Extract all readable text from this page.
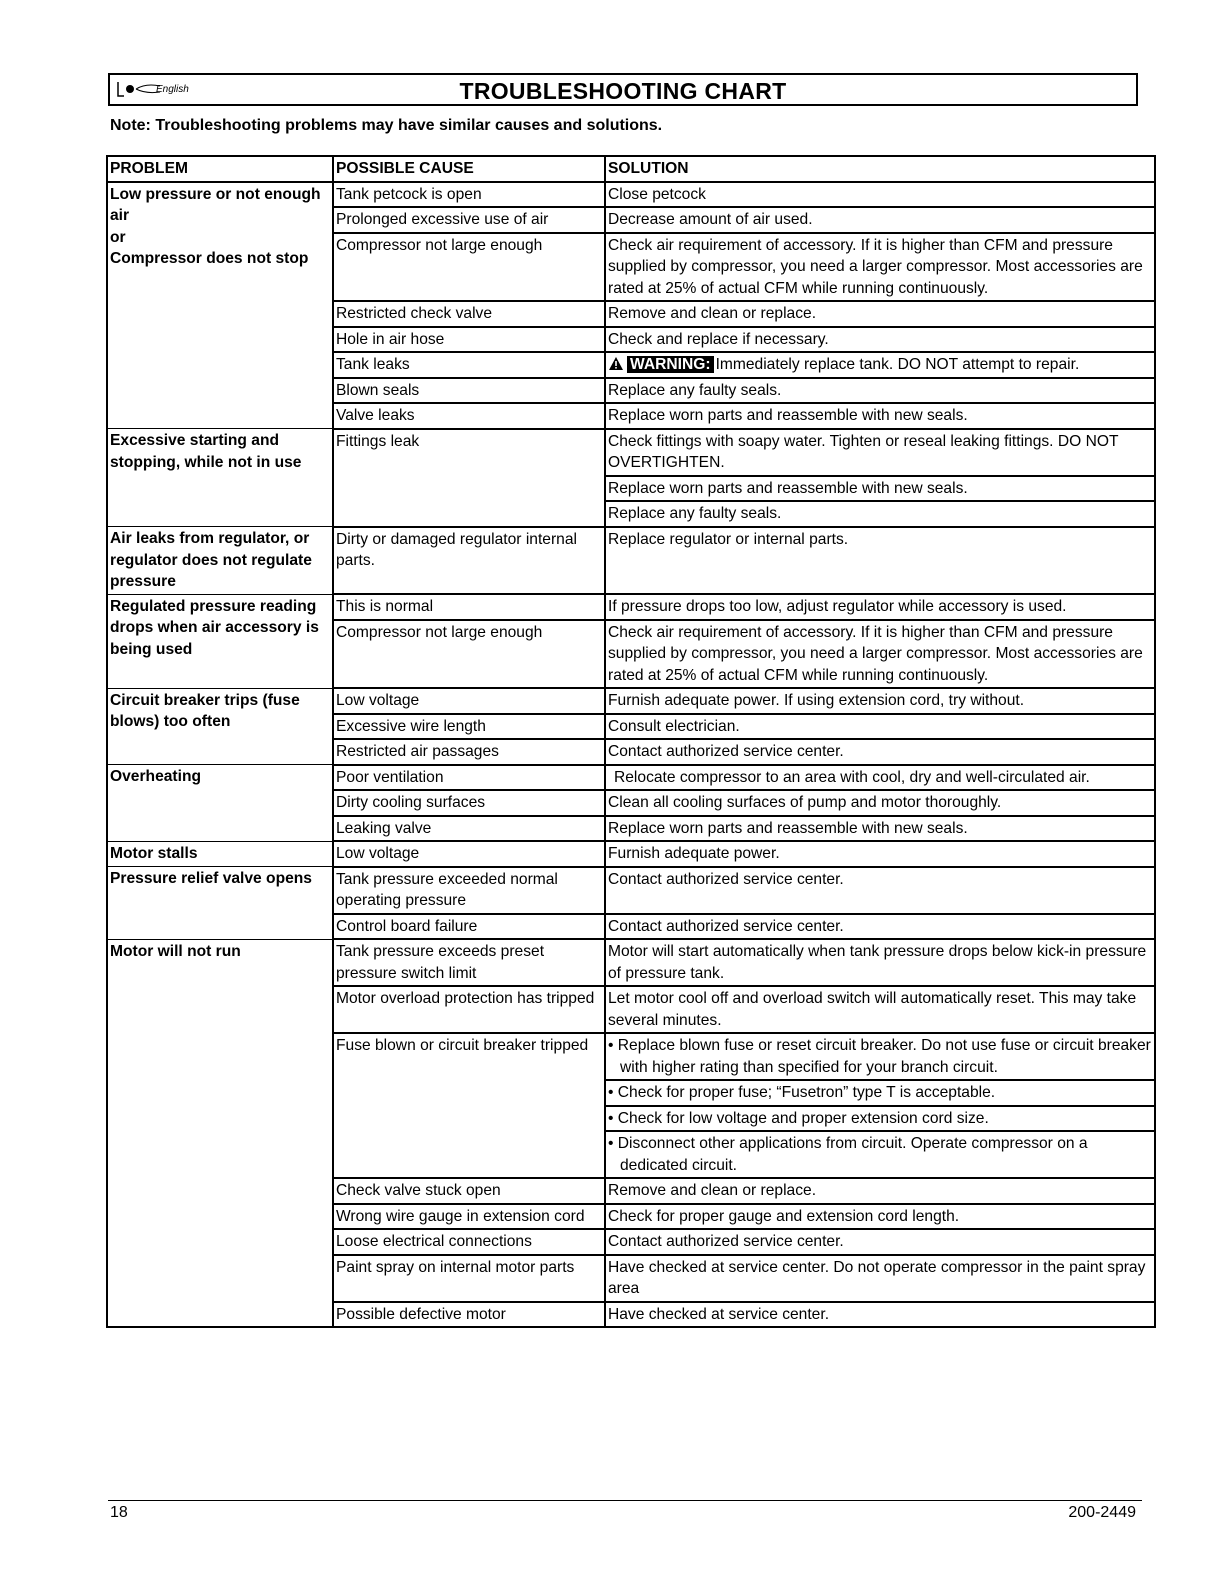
English	TROUBLESHOOTING CHART
Note: Troubleshooting problems may have similar causes and solutions.
PROBLEM	POSSIBLE CAUSE	SOLUTION
Low pressure or not enough air
or
Compressor does not stop	Tank petcock is open	Close petcock
	Prolonged excessive use of air	Decrease amount of air used.
	Compressor not large enough	Check air requirement of accessory. If it is higher than CFM and pressure supplied by compressor, you need a larger compressor. Most accessories are rated at 25% of actual CFM while running continuously.
	Restricted check valve	Remove and clean or replace.
	Hole in air hose	Check and replace if necessary.
	Tank leaks	WARNING: Immediately replace tank. DO NOT attempt to repair.
	Blown seals	Replace any faulty seals.
	Valve leaks	Replace worn parts and reassemble with new seals.
Excessive starting and stopping, while not in use	Fittings leak	Check fittings with soapy water. Tighten or reseal leaking fittings. DO NOT OVERTIGHTEN.
		Replace worn parts and reassemble with new seals.
		Replace any faulty seals.
Air leaks from regulator, or regulator does not regulate pressure	Dirty or damaged regulator internal parts.	Replace regulator or internal parts.
Regulated pressure reading drops when air accessory is being used	This is normal	If pressure drops too low, adjust regulator while accessory is used.
	Compressor not large enough	Check air requirement of accessory. If it is higher than CFM and pressure supplied by compressor, you need a larger compressor. Most accessories are rated at 25% of actual CFM while running continuously.
Circuit breaker trips (fuse blows) too often	Low voltage	Furnish adequate power. If using extension cord, try without.
	Excessive wire length	Consult electrician.
	Restricted air passages	Contact authorized service center.
Overheating	Poor ventilation	Relocate compressor to an area with cool, dry and well-circulated air.
	Dirty cooling surfaces	Clean all cooling surfaces of pump and motor thoroughly.
	Leaking valve	Replace worn parts and reassemble with new seals.
Motor stalls	Low voltage	Furnish adequate power.
Pressure relief valve opens	Tank pressure exceeded normal operating pressure	Contact authorized service center.
	Control board failure	Contact authorized service center.
Motor will not run	Tank pressure exceeds preset pressure switch limit	Motor will start automatically when tank pressure drops below kick-in pressure of pressure tank.
	Motor overload protection has tripped	Let motor cool off and overload switch will automatically reset. This may take several minutes.
	Fuse blown or circuit breaker tripped	• Replace blown fuse or reset circuit breaker. Do not use fuse or circuit breaker with higher rating than specified for your branch circuit.

		• Check for proper fuse; “Fusetron” type T is acceptable.

		• Check for low voltage and proper extension cord size.

		• Disconnect other applications from circuit. Operate compressor on a dedicated circuit.

	Check valve stuck open	Remove and clean or replace.
	Wrong wire gauge in extension cord	Check for proper gauge and extension cord length.
	Loose electrical connections	Contact authorized service center.
	Paint spray on internal motor parts	Have checked at service center. Do not operate compressor in the paint spray area
	Possible defective motor	Have checked at service center.
18	200-2449
